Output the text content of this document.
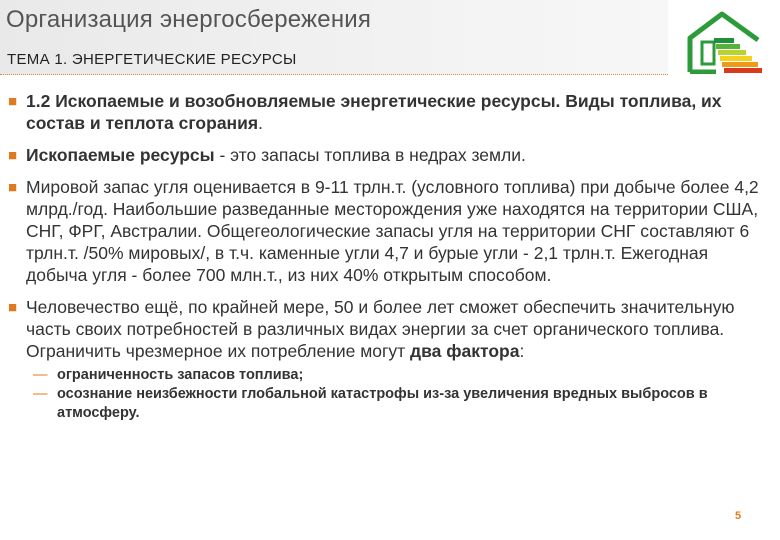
Организация энергосбережения
ТЕМА 1. ЭНЕРГЕТИЧЕСКИЕ РЕСУРСЫ
■ 1.2 Ископаемые и возобновляемые энергетические ресурсы. Виды топлива, их состав и теплота сгорания.
■ Ископаемые ресурсы - это запасы топлива в недрах земли.
■ Мировой запас угля оценивается в 9-11 трлн.т. (условного топлива) при добыче более 4,2 млрд./год. Наибольшие разведанные месторождения уже находятся на территории США, СНГ, ФРГ, Австралии. Общегеологические запасы угля на территории СНГ составляют 6 трлн.т. /50% мировых/, в т.ч. каменные угли 4,7 и бурые угли - 2,1 трлн.т. Ежегодная добыча угля - более 700 млн.т., из них 40% открытым способом.
■ Человечество ещё, по крайней мере, 50 и более лет сможет обеспечить значительную часть своих потребностей в различных видах энергии за счет органического топлива. Ограничить чрезмерное их потребление могут два фактора:
— ограниченность запасов топлива;
— осознание неизбежности глобальной катастрофы из-за увеличения вредных выбросов в атмосферу.
5
